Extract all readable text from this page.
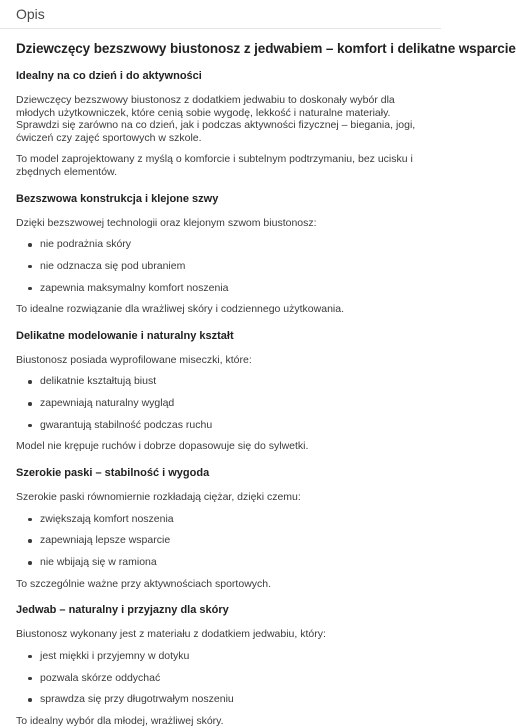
Opis
Dziewczęcy bezszwowy biustonosz z jedwabiem – komfort i delikatne wsparcie
Idealny na co dzień i do aktywności

Dziewczęcy bezszwowy biustonosz z dodatkiem jedwabiu to doskonały wybór dla młodych użytkowniczek, które cenią sobie wygodę, lekkość i naturalne materiały. Sprawdzi się zarówno na co dzień, jak i podczas aktywności fizycznej – biegania, jogi, ćwiczeń czy zajęć sportowych w szkole.

To model zaprojektowany z myślą o komforcie i subtelnym podtrzymaniu, bez ucisku i zbędnych elementów.

Bezszwowa konstrukcja i klejone szwy

Dzięki bezszwowej technologii oraz klejonym szwom biustonosz:

nie podrażnia skóry
nie odznacza się pod ubraniem
zapewnia maksymalny komfort noszenia

To idealne rozwiązanie dla wrażliwej skóry i codziennego użytkowania.

Delikatne modelowanie i naturalny kształt

Biustonosz posiada wyprofilowane miseczki, które:

delikatnie kształtują biust
zapewniają naturalny wygląd
gwarantują stabilność podczas ruchu

Model nie krępuje ruchów i dobrze dopasowuje się do sylwetki.

Szerokie paski – stabilność i wygoda

Szerokie paski równomiernie rozkładają ciężar, dzięki czemu:

zwiększają komfort noszenia
zapewniają lepsze wsparcie
nie wbijają się w ramiona

To szczególnie ważne przy aktywnościach sportowych.

Jedwab – naturalny i przyjazny dla skóry

Biustonosz wykonany jest z materiału z dodatkiem jedwabiu, który:

jest miękki i przyjemny w dotyku
pozwala skórze oddychać
sprawdza się przy długotrwałym noszeniu

To idealny wybór dla młodej, wrażliwej skóry.
